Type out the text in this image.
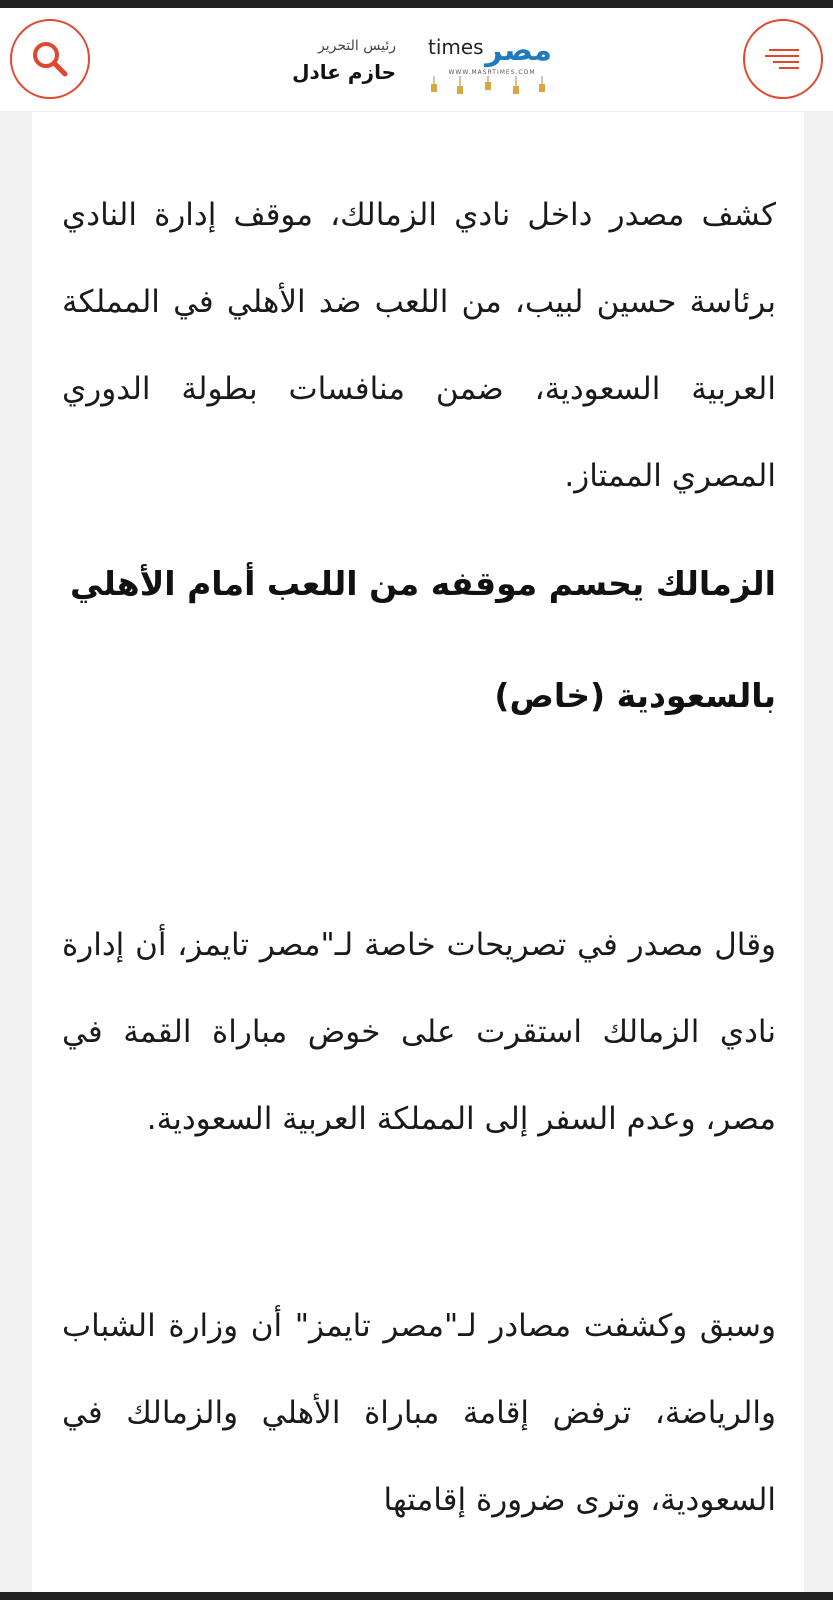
رئيس التحرير
حازم عادل
times مصر
WWW.MASRTIMES.COM

كشف مصدر داخل نادي الزمالك، موقف إدارة النادي برئاسة حسين لبيب، من اللعب ضد الأهلي في المملكة العربية السعودية، ضمن منافسات بطولة الدوري المصري الممتاز.

الزمالك يحسم موقفه من اللعب أمام الأهلي بالسعودية (خاص)

وقال مصدر في تصريحات خاصة لـ"مصر تايمز، أن إدارة نادي الزمالك استقرت على خوض مباراة القمة في مصر، وعدم السفر إلى المملكة العربية السعودية.

وسبق وكشفت مصادر لـ"مصر تايمز" أن وزارة الشباب والرياضة، ترفض إقامة مباراة الأهلي والزمالك في السعودية، وترى ضرورة إقامتها
